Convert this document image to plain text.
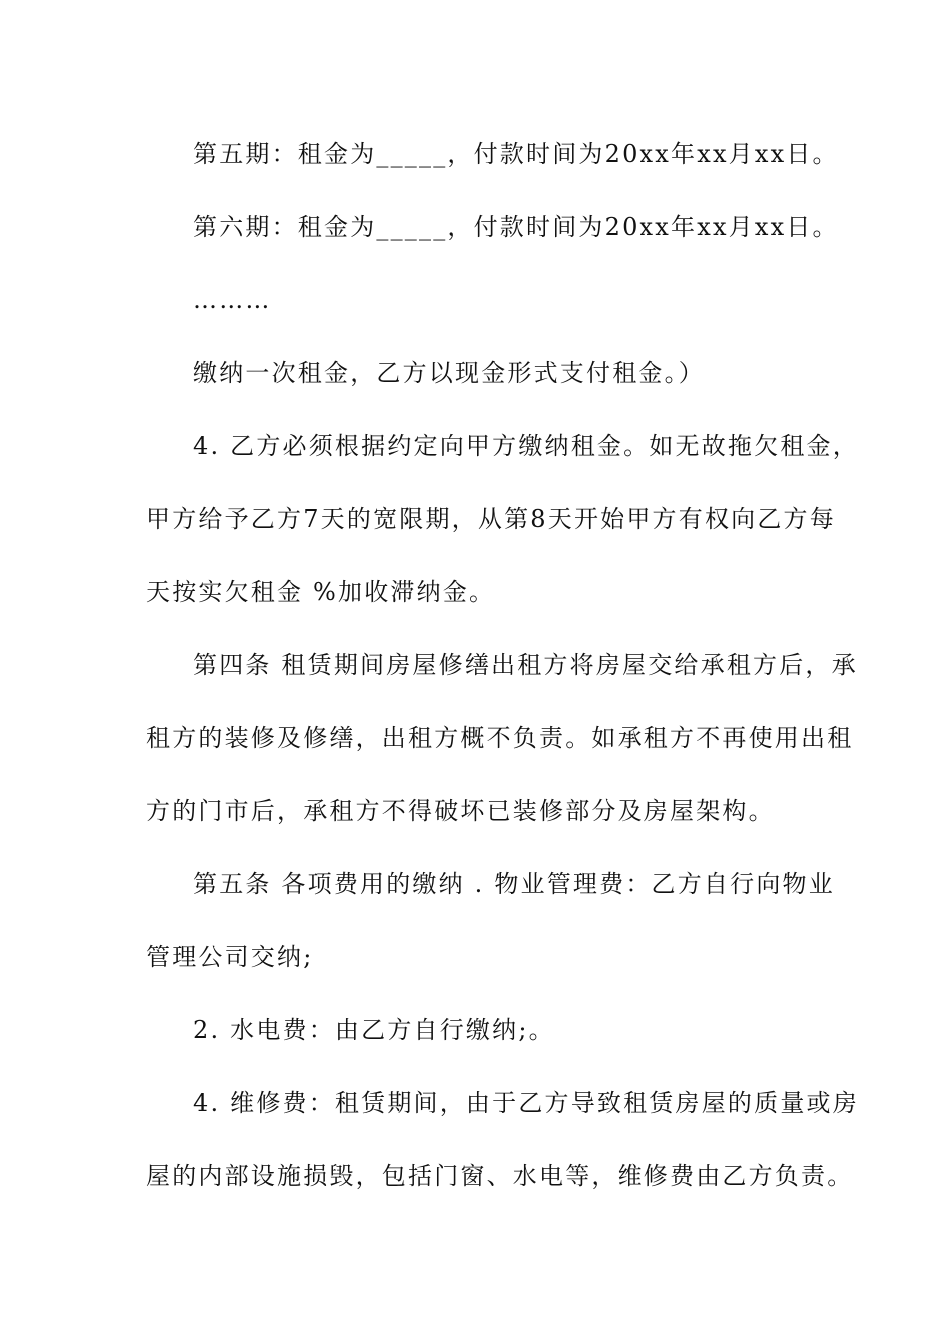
第五期：租金为_____，付款时间为20xx年xx月xx日。
第六期：租金为_____，付款时间为20xx年xx月xx日。
………
缴纳一次租金，乙方以现金形式支付租金。）
4. 乙方必须根据约定向甲方缴纳租金。如无故拖欠租金，
甲方给予乙方7天的宽限期，从第8天开始甲方有权向乙方每
天按实欠租金 %加收滞纳金。
第四条 租赁期间房屋修缮出租方将房屋交给承租方后，承
租方的装修及修缮，出租方概不负责。如承租方不再使用出租
方的门市后，承租方不得破坏已装修部分及房屋架构。
第五条 各项费用的缴纳 . 物业管理费：乙方自行向物业
管理公司交纳;
2. 水电费：由乙方自行缴纳;。
4. 维修费：租赁期间，由于乙方导致租赁房屋的质量或房
屋的内部设施损毁，包括门窗、水电等，维修费由乙方负责。
